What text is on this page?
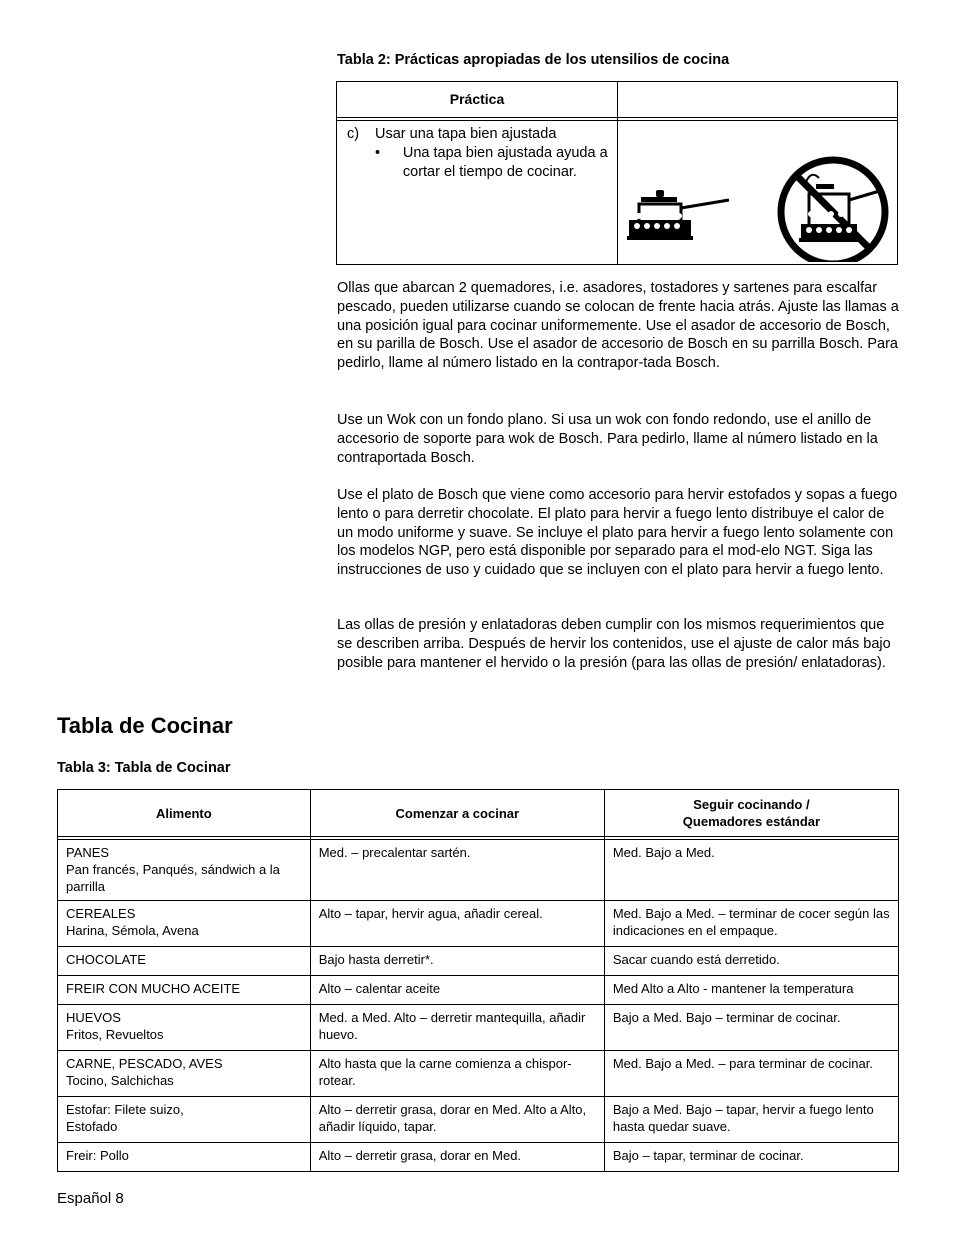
Tabla 2: Prácticas apropiadas de los utensilios de cocina
Práctica
c)	Usar una tapa bien ajustada
•	Una tapa bien ajustada ayuda a cortar el tiempo de cocinar.
Ollas que abarcan 2 quemadores, i.e. asadores, tostadores y sartenes para escalfar pescado, pueden utilizarse cuando se colocan de frente hacia atrás. Ajuste las llamas a una posición igual para cocinar uniformemente. Use el asador de accesorio de Bosch, en su parilla de Bosch. Use el asador de accesorio de Bosch en su parrilla Bosch. Para pedirlo, llame al número listado en la contrapor-tada Bosch.
Use un Wok con un fondo plano. Si usa un wok con fondo redondo, use el anillo de accesorio de soporte para wok de Bosch. Para pedirlo, llame al número listado en la contraportada Bosch.
Use el plato de Bosch que viene como accesorio para hervir estofados y sopas a fuego lento o para derretir chocolate. El plato para hervir a fuego lento distribuye el calor de un modo uniforme y suave. Se incluye el plato para hervir a fuego lento solamente con los modelos NGP, pero está disponible por separado para el mod-elo NGT. Siga las instrucciones de uso y cuidado que se incluyen con el plato para hervir a fuego lento.
Las ollas de presión y enlatadoras deben cumplir con los mismos requerimientos que se describen arriba. Después de hervir los contenidos, use el ajuste de calor más bajo posible para mantener el hervido o la presión (para las ollas de presión/ enlatadoras).
Tabla de Cocinar
Tabla 3: Tabla de Cocinar
Alimento	Comenzar a cocinar	Seguir cocinando /
Quemadores estándar

PANES
Pan francés, Panqués, sándwich a la parrilla	Med. – precalentar sartén.	Med. Bajo a Med.
CEREALES
Harina, Sémola, Avena	Alto – tapar, hervir agua, añadir cereal.	Med. Bajo a Med. – terminar de cocer según las indicaciones en el empaque.
CHOCOLATE	Bajo hasta derretir*.	Sacar cuando está derretido.
FREIR CON MUCHO ACEITE	Alto – calentar aceite	Med Alto a Alto - mantener la temperatura
HUEVOS
Fritos, Revueltos	Med. a Med. Alto – derretir mantequilla, añadir huevo.	Bajo a Med. Bajo – terminar de cocinar.
CARNE, PESCADO, AVES
Tocino, Salchichas	Alto hasta que la carne comienza a chispor-rotear.	Med. Bajo a Med. – para terminar de cocinar.
Estofar: Filete suizo,
Estofado	Alto – derretir grasa, dorar en Med. Alto a Alto, añadir líquido, tapar.	Bajo a Med. Bajo – tapar, hervir a fuego lento hasta quedar suave.
Freir: Pollo	Alto – derretir grasa, dorar en Med.	Bajo – tapar, terminar de cocinar.
Español 8
